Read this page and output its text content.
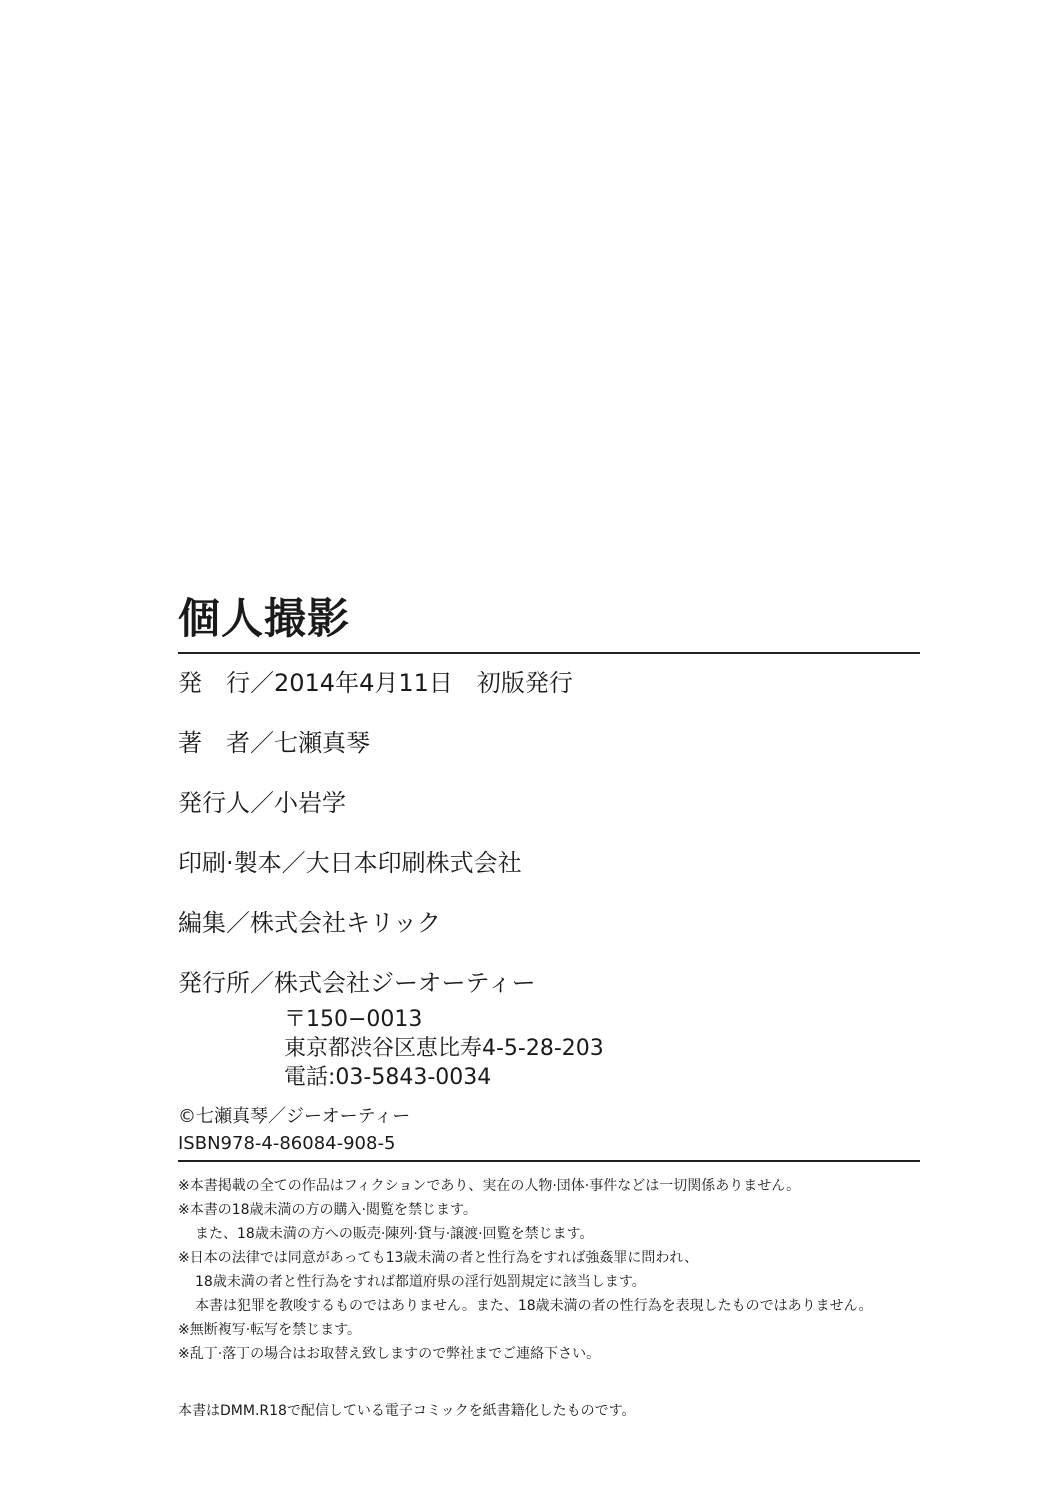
個人撮影
発　行／2014年4月11日　初版発行
著　者／七瀬真琴
発行人／小岩学
印刷·製本／大日本印刷株式会社
編集／株式会社キリック
発行所／株式会社ジーオーティー
〒150−0013
東京都渋谷区恵比寿4-5-28-203
電話:03-5843-0034
©七瀬真琴／ジーオーティー
ISBN978-4-86084-908-5
※本書掲載の全ての作品はフィクションであり、実在の人物·団体·事件などは一切関係ありません。
※本書の18歳未満の方の購入·閲覧を禁じます。
また、18歳未満の方への販売·陳列·貸与·譲渡·回覧を禁じます。
※日本の法律では同意があっても13歳未満の者と性行為をすれば強姦罪に問われ、
18歳未満の者と性行為をすれば都道府県の淫行処罰規定に該当します。
本書は犯罪を教唆するものではありません。また、18歳未満の者の性行為を表現したものではありません。
※無断複写·転写を禁じます。
※乱丁·落丁の場合はお取替え致しますので弊社までご連絡下さい。
本書はDMM.R18で配信している電子コミックを紙書籍化したものです。
